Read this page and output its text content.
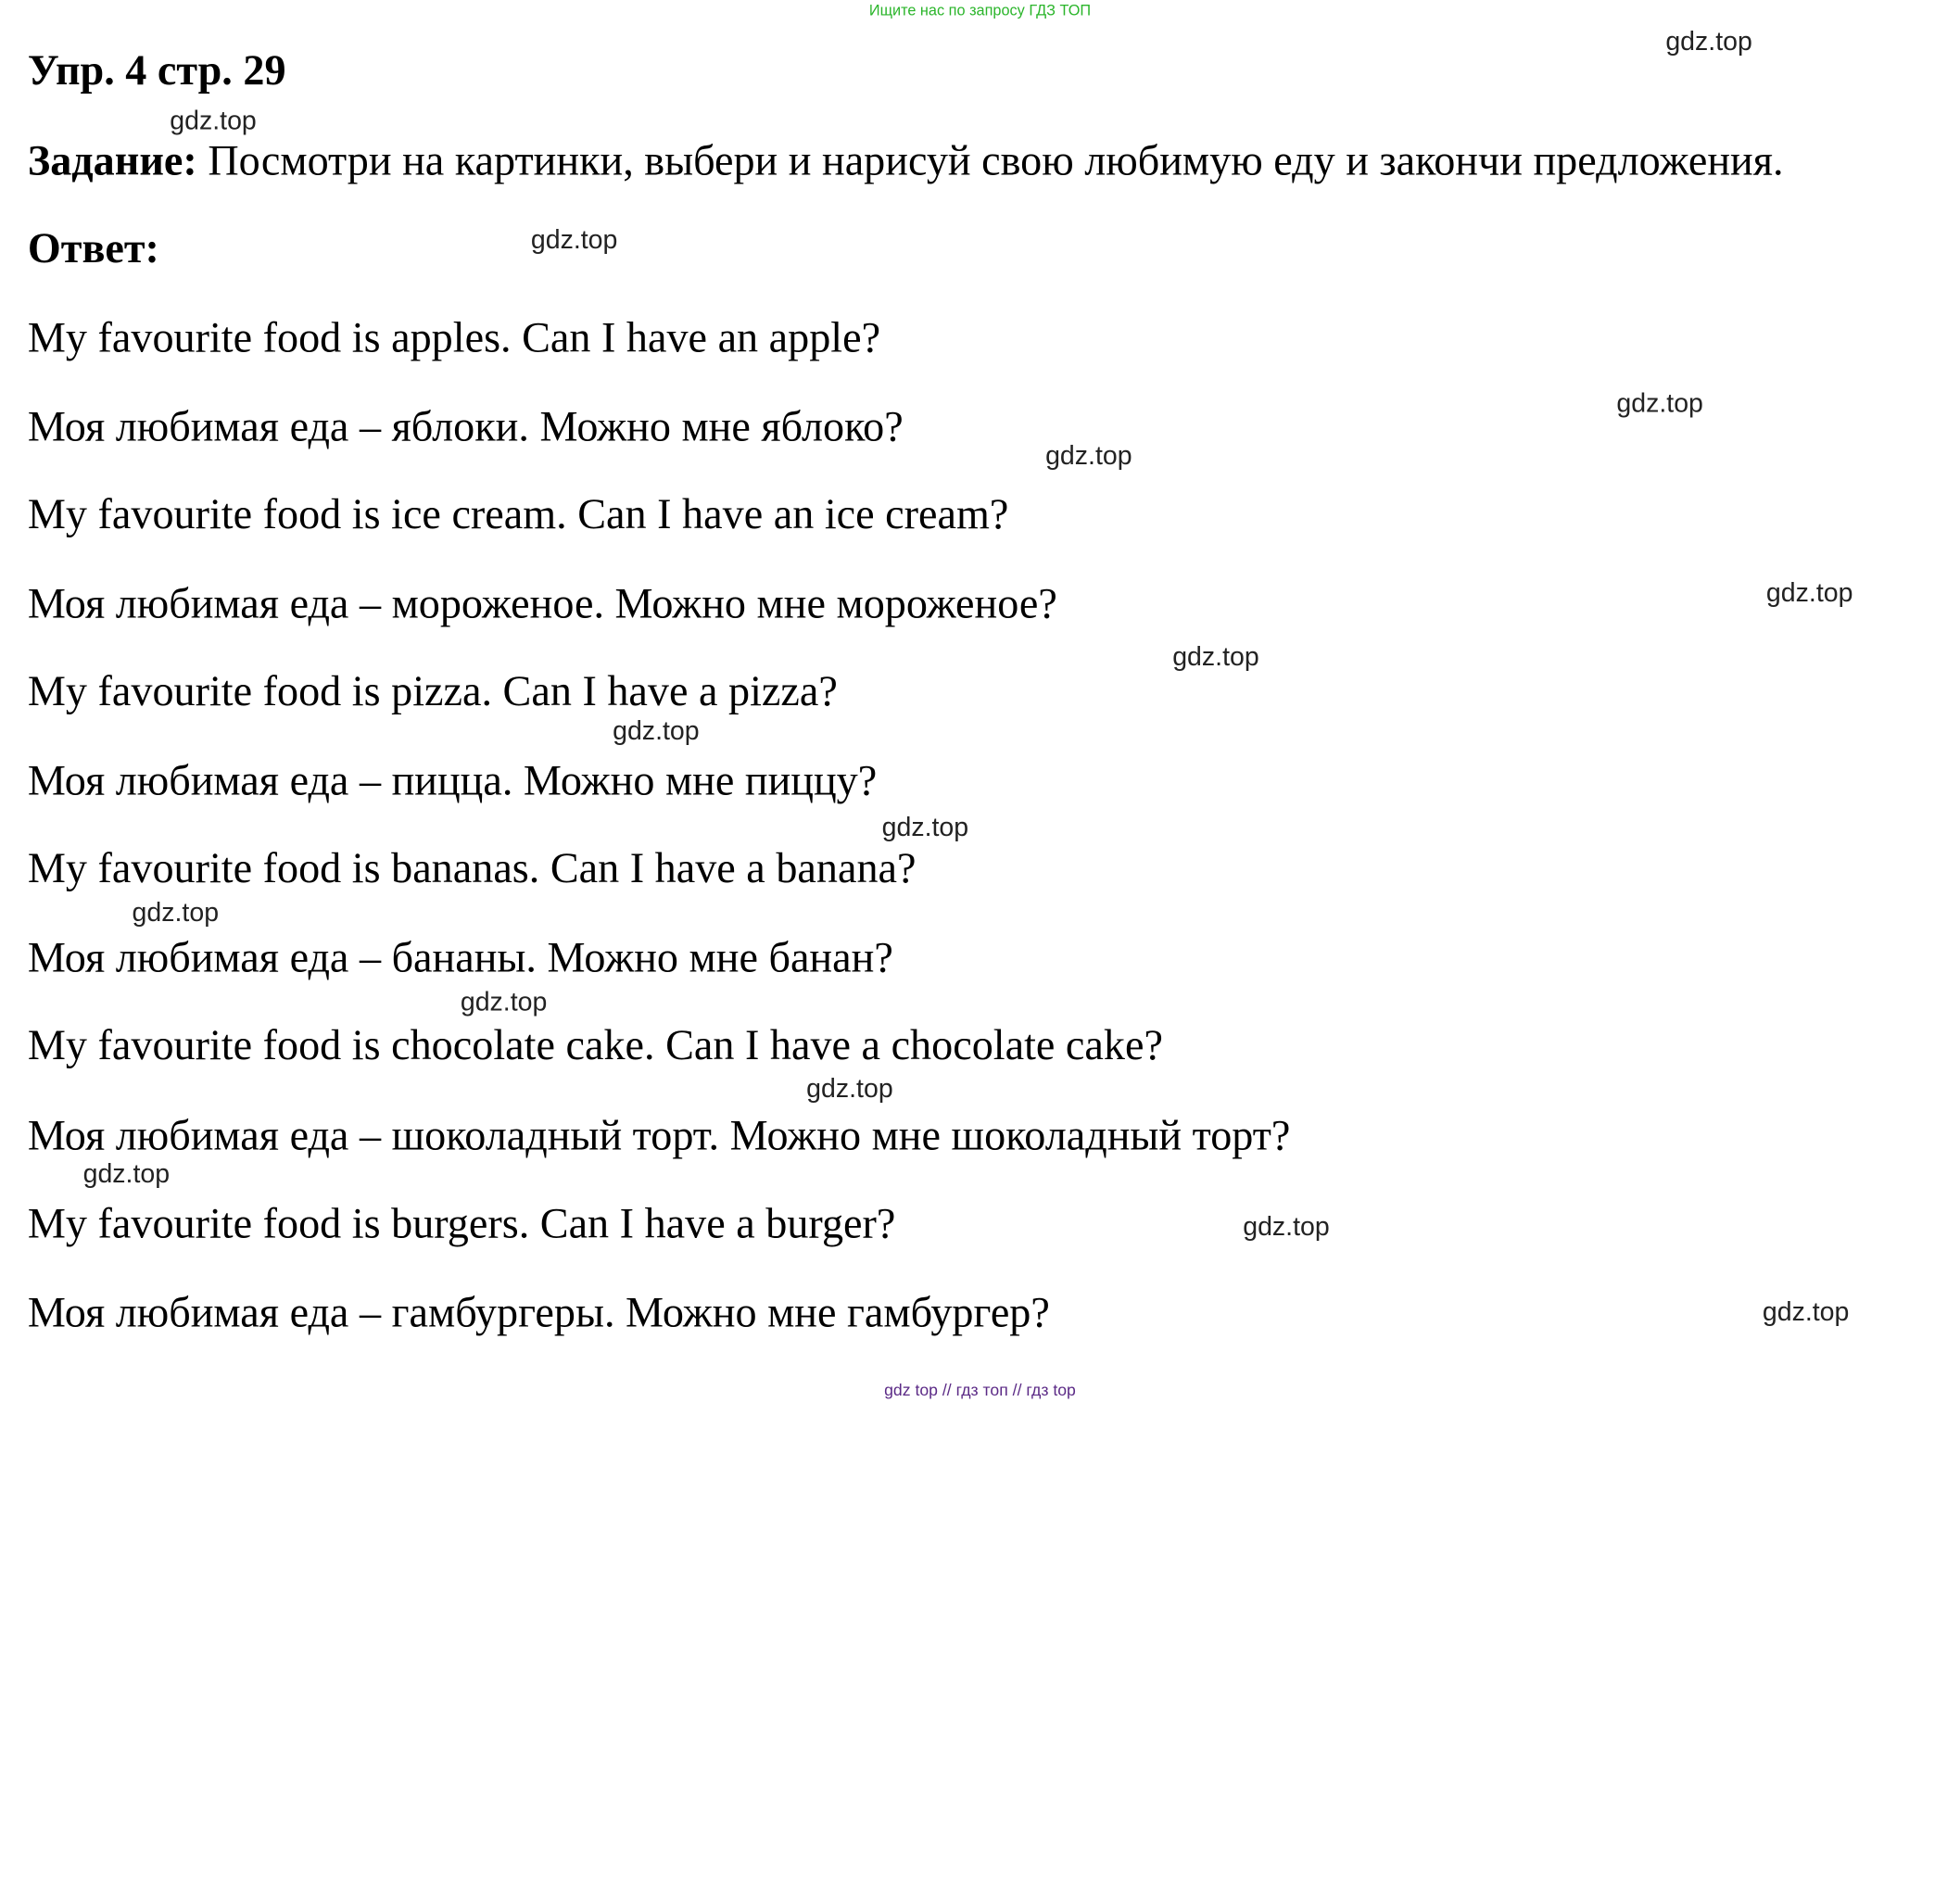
Ищите нас по запросу ГДЗ ТОП
Упр. 4 стр. 29
Задание: Посмотри на картинки, выбери и нарисуй свою любимую еду и закончи предложения.
Ответ:
My favourite food is apples. Can I have an apple?
Моя любимая еда – яблоки. Можно мне яблоко?
My favourite food is ice cream. Can I have an ice cream?
Моя любимая еда – мороженое. Можно мне мороженое?
My favourite food is pizza. Can I have a pizza?
Моя любимая еда – пицца. Можно мне пиццу?
My favourite food is bananas. Can I have a banana?
Моя любимая еда – бананы. Можно мне банан?
My favourite food is chocolate cake. Can I have a chocolate cake?
Моя любимая еда – шоколадный торт. Можно мне шоколадный торт?
My favourite food is burgers. Can I have a burger?
Моя любимая еда – гамбургеры. Можно мне гамбургер?
gdz.top
gdz.top
gdz.top
gdz.top
gdz.top
gdz.top
gdz.top
gdz.top
gdz.top
gdz.top
gdz.top
gdz.top
gdz.top
gdz.top
gdz.top
gdz top // гдз топ // гдз top
